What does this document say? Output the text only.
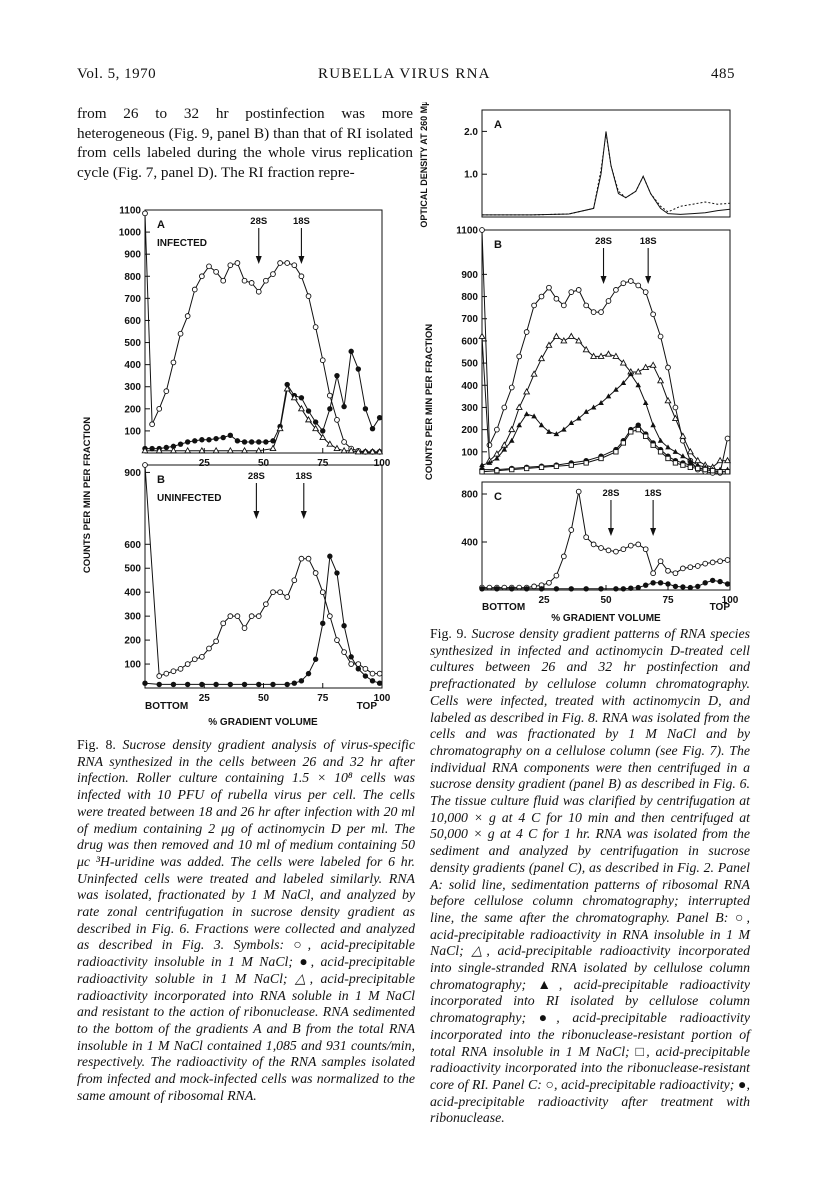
Vol. 5, 1970	RUBELLA VIRUS RNA	485

from 26 to 32 hr postinfection was more heterogeneous (Fig. 9, panel B) than that of RI isolated from cells labeled during the whole virus replication cycle (Fig. 7, panel D). The RI fraction repre-

100
200
300
400
500
600
700
800
900
1000
1100
25	50	75	100
A
INFECTED
28S	18S
100
200
300
400
500
600
900
25	50	75	100
B
UNINFECTED
28S	18S
COUNTS PER MIN PER FRACTION
BOTTOM	TOP
% GRADIENT VOLUME
1.0
2.0
A
100
200
300
400
500
600
700
800
900
1100
B	28S	18S
400
800
25	50	75	100
C	28S	18S
OPTICAL DENSITY AT 260 Mμ
COUNTS PER MIN PER FRACTION
BOTTOM	TOP
% GRADIENT VOLUME

Fig. 8. Sucrose density gradient analysis of virus-specific RNA synthesized in the cells between 26 and 32 hr after infection. Roller culture containing 1.5 × 10⁸ cells was infected with 10 PFU of rubella virus per cell. The cells were treated between 18 and 26 hr after infection with 20 ml of medium containing 2 μg of actinomycin D per ml. The drug was then removed and 10 ml of medium containing 50 μc ³H-uridine was added. The cells were labeled for 6 hr. Uninfected cells were treated and labeled similarly. RNA was isolated, fractionated by 1 M NaCl, and analyzed by rate zonal centrifugation in sucrose density gradient as described in Fig. 6. Fractions were collected and analyzed as described in Fig. 3. Symbols: ○, acid-precipitable radioactivity insoluble in 1 M NaCl; ●, acid-precipitable radioactivity soluble in 1 M NaCl; △, acid-precipitable radioactivity incorporated into RNA soluble in 1 M NaCl and resistant to the action of ribonuclease. RNA sedimented to the bottom of the gradients A and B from the total RNA insoluble in 1 M NaCl contained 1,085 and 931 counts/min, respectively. The radioactivity of the RNA samples isolated from infected and mock-infected cells was normalized to the same amount of ribosomal RNA.

Fig. 9. Sucrose density gradient patterns of RNA species synthesized in infected and actinomycin D-treated cell cultures between 26 and 32 hr postinfection and prefractionated by cellulose column chromatography. Cells were infected, treated with actinomycin D, and labeled as described in Fig. 8. RNA was isolated from the cells and was fractionated by 1 M NaCl and by chromatography on a cellulose column (see Fig. 7). The individual RNA components were then centrifuged in a sucrose density gradient (panel B) as described in Fig. 6. The tissue culture fluid was clarified by centrifugation at 10,000 × g at 4 C for 10 min and then centrifuged at 50,000 × g at 4 C for 1 hr. RNA was isolated from the sediment and analyzed by centrifugation in sucrose density gradients (panel C), as described in Fig. 2. Panel A: solid line, sedimentation patterns of ribosomal RNA before cellulose column chromatography; interrupted line, the same after the chromatography. Panel B: ○, acid-precipitable radioactivity in RNA insoluble in 1 M NaCl; △, acid-precipitable radioactivity incorporated into single-stranded RNA isolated by cellulose column chromatography; ▲, acid-precipitable radioactivity incorporated into RI isolated by cellulose column chromatography; ●, acid-precipitable radioactivity incorporated into the ribonuclease-resistant portion of total RNA insoluble in 1 M NaCl; □, acid-precipitable radioactivity incorporated into the ribonuclease-resistant core of RI. Panel C: ○, acid-precipitable radioactivity; ●, acid-precipitable radioactivity after treatment with ribonuclease.
